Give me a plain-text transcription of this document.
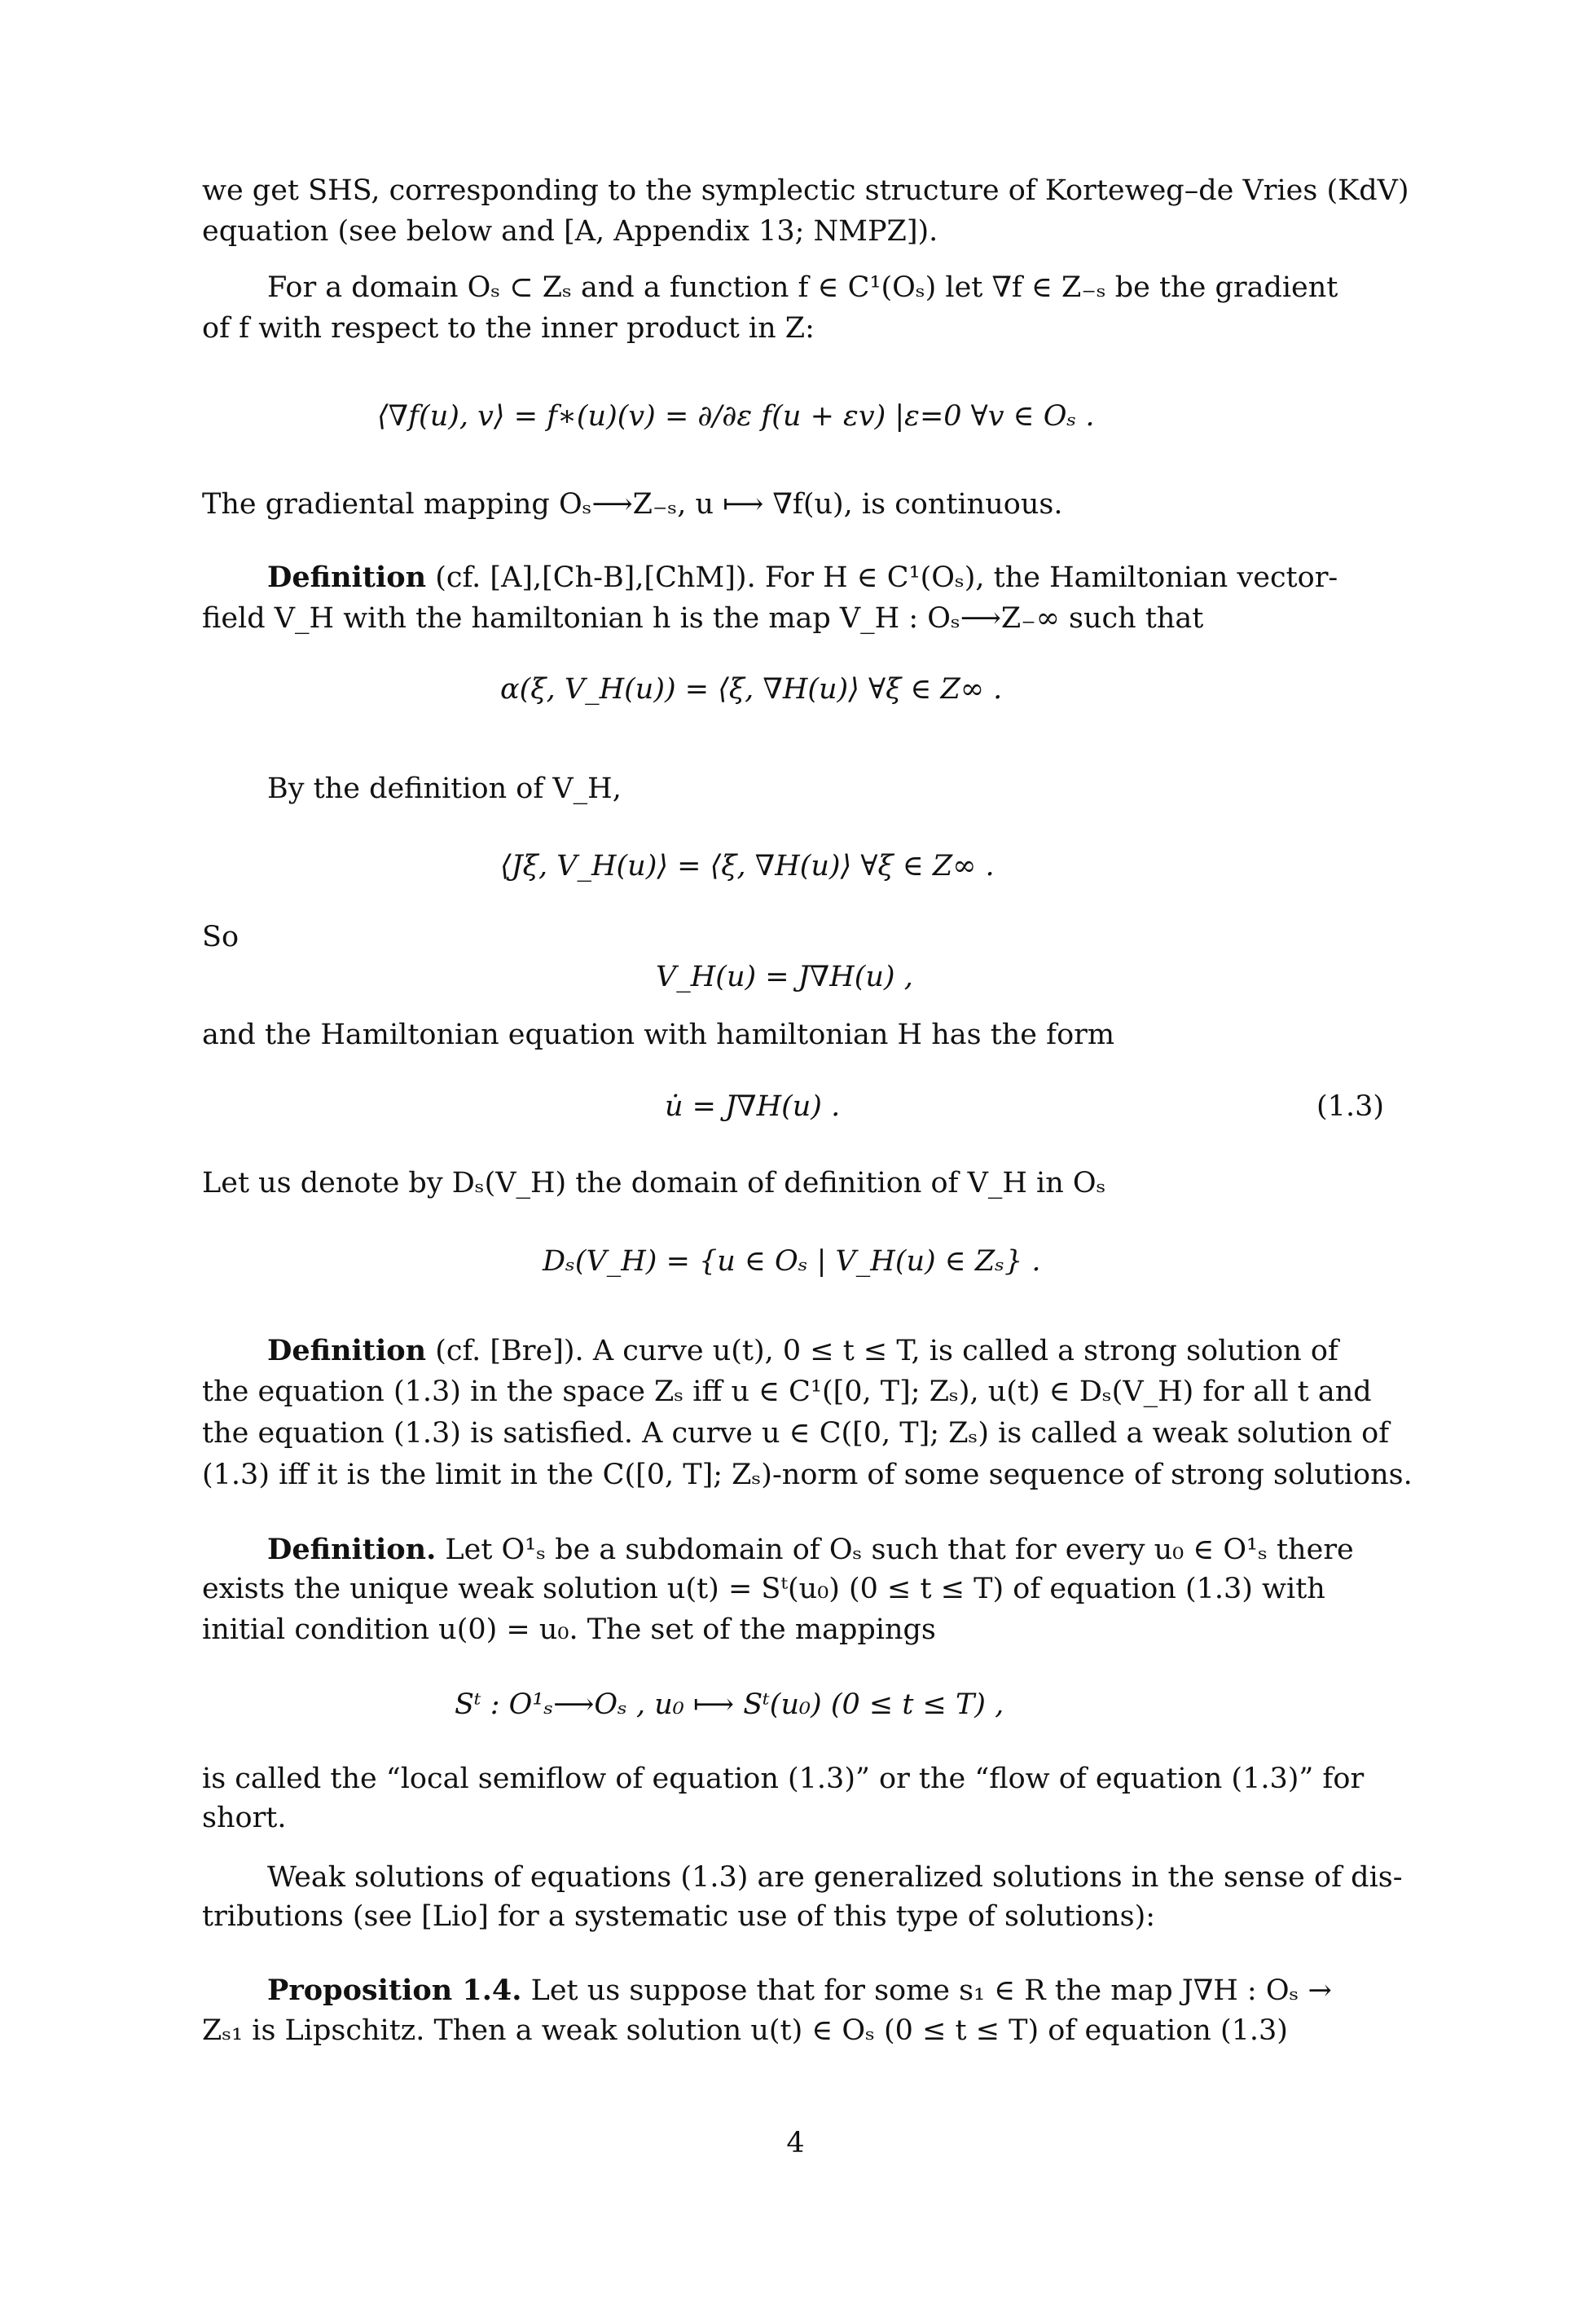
we get SHS, corresponding to the symplectic structure of Korteweg–de Vries (KdV)
equation (see below and [A, Appendix 13; NMPZ]).
For a domain Oₛ ⊂ Zₛ and a function f ∈ C¹(Oₛ) let ∇f ∈ Z₋ₛ be the gradient
of f with respect to the inner product in Z:
⟨∇f(u), v⟩ = f∗(u)(v) = ∂/∂ε f(u + εv) |ε=0 ∀v ∈ Oₛ .
The gradiental mapping Oₛ⟶Z₋ₛ, u ⟼ ∇f(u), is continuous.
Definition (cf. [A],[Ch-B],[ChM]). For H ∈ C¹(Oₛ), the Hamiltonian vector-
field V_H with the hamiltonian h is the map V_H : Oₛ⟶Z₋∞ such that
α(ξ, V_H(u)) = ⟨ξ, ∇H(u)⟩ ∀ξ ∈ Z∞ .
By the definition of V_H,
⟨Jξ, V_H(u)⟩ = ⟨ξ, ∇H(u)⟩ ∀ξ ∈ Z∞ .
So
V_H(u) = J∇H(u) ,
and the Hamiltonian equation with hamiltonian H has the form
u̇ = J∇H(u) .	(1.3)
Let us denote by Dₛ(V_H) the domain of definition of V_H in Oₛ
Dₛ(V_H) = {u ∈ Oₛ | V_H(u) ∈ Zₛ} .
Definition (cf. [Bre]). A curve u(t), 0 ≤ t ≤ T, is called a strong solution of
the equation (1.3) in the space Zₛ iff u ∈ C¹([0, T]; Zₛ), u(t) ∈ Dₛ(V_H) for all t and
the equation (1.3) is satisfied. A curve u ∈ C([0, T]; Zₛ) is called a weak solution of
(1.3) iff it is the limit in the C([0, T]; Zₛ)-norm of some sequence of strong solutions.
Definition. Let O¹ₛ be a subdomain of Oₛ such that for every u₀ ∈ O¹ₛ there
exists the unique weak solution u(t) = Sᵗ(u₀) (0 ≤ t ≤ T) of equation (1.3) with
initial condition u(0) = u₀. The set of the mappings
Sᵗ : O¹ₛ⟶Oₛ , u₀ ⟼ Sᵗ(u₀) (0 ≤ t ≤ T) ,
is called the “local semiflow of equation (1.3)” or the “flow of equation (1.3)” for
short.
Weak solutions of equations (1.3) are generalized solutions in the sense of dis-
tributions (see [Lio] for a systematic use of this type of solutions):
Proposition 1.4. Let us suppose that for some s₁ ∈ R the map J∇H : Oₛ →
Zₛ₁ is Lipschitz. Then a weak solution u(t) ∈ Oₛ (0 ≤ t ≤ T) of equation (1.3)
4
